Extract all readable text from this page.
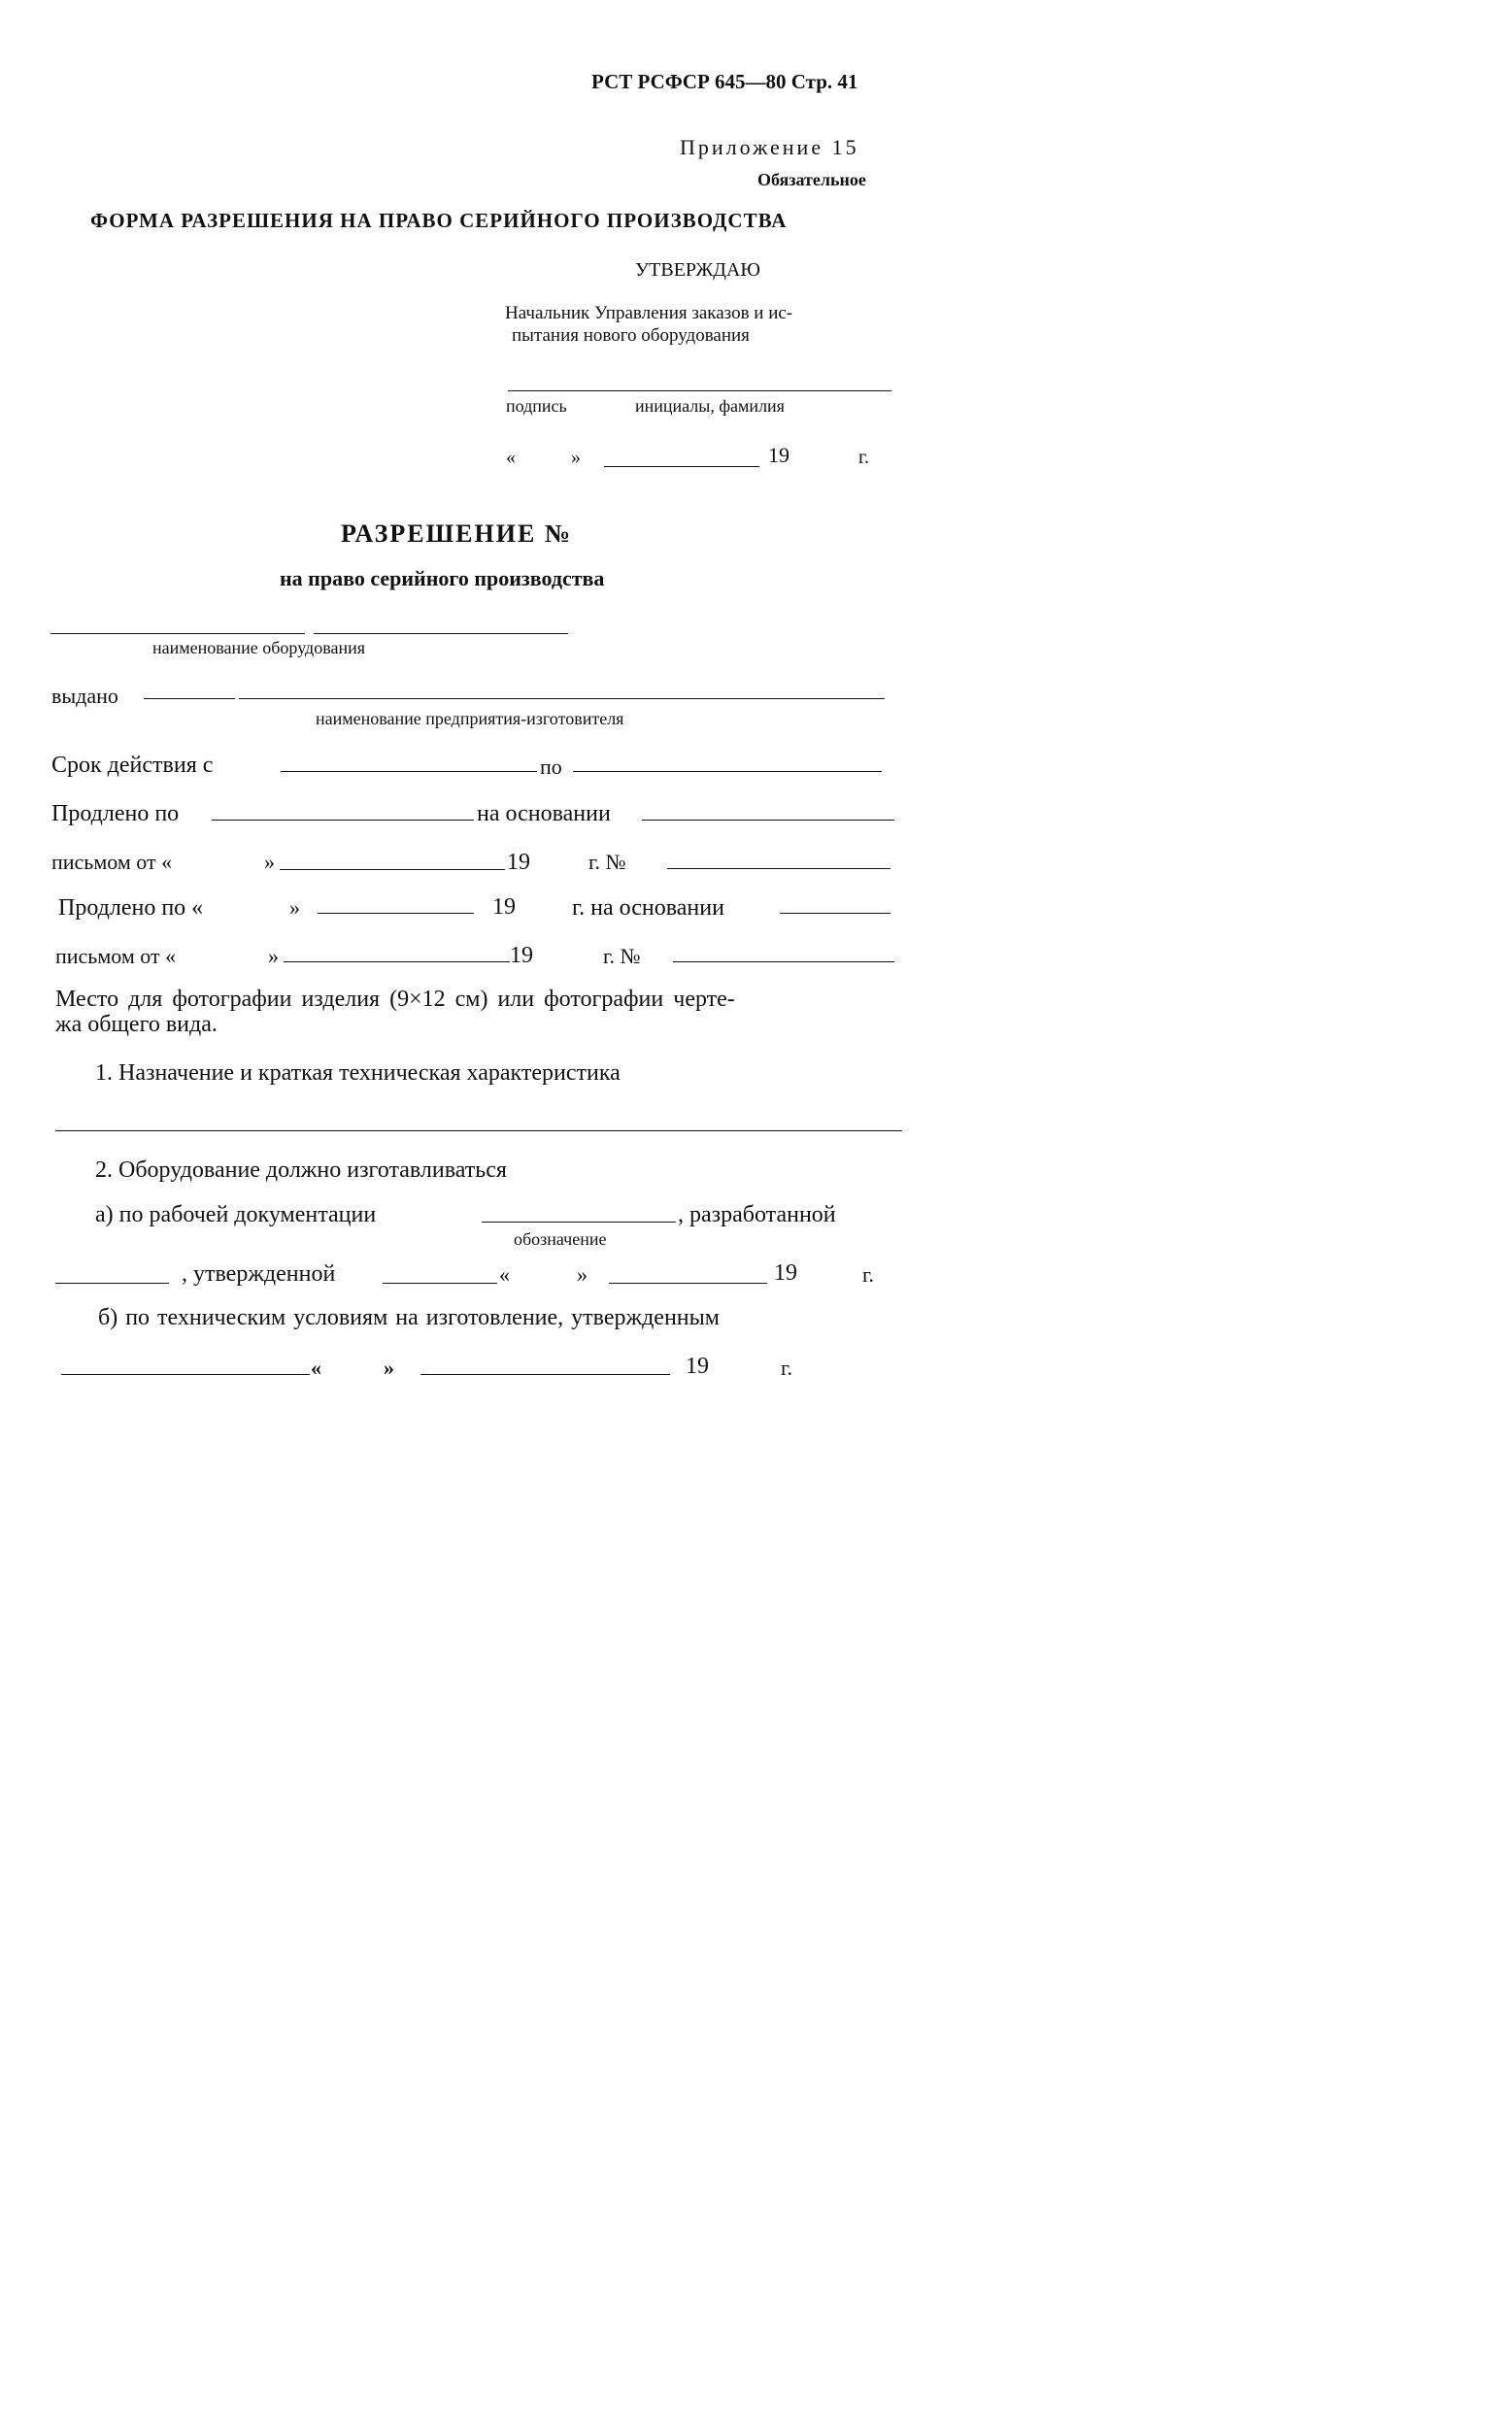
РСТ РСФСР 645—80 Стр. 41
Приложение 15
Обязательное
ФОРМА РАЗРЕШЕНИЯ НА ПРАВО СЕРИЙНОГО ПРОИЗВОДСТВА
УТВЕРЖДАЮ
Начальник Управления заказов и ис-
пытания нового оборудования
подпись	инициалы, фамилия
«	»	19	г.
РАЗРЕШЕНИЕ №
на право серийного производства
наименование оборудования
выдано
наименование предприятия-изготовителя
Срок действия с	по
Продлено по	на основании
письмом от «	»	19	г. №
Продлено по «	»	19 г. на основании
письмом от «	»	19	г. №
Место для фотографии изделия (9×12 см) или фотографии черте-
жа общего вида.
1. Назначение и краткая техническая характеристика
2. Оборудование должно изготавливаться
а) по рабочей документации	, разработанной
обозначение
, утвержденной	«	»	19	г.
б) по техническим условиям на изготовление, утвержденным
«	»	19	г.
